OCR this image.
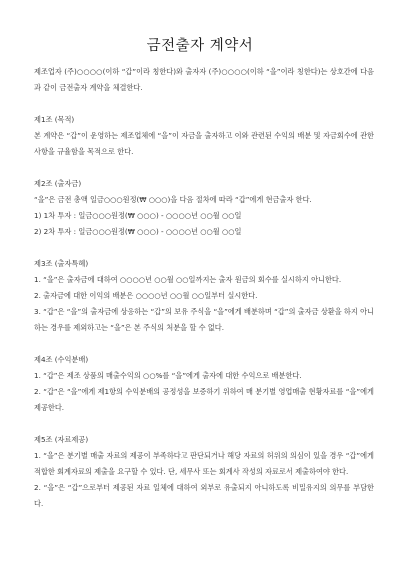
금전출자 계약서

제조업자 (주)○○○○(이하 “갑”이라 칭한다)와 출자자 (주)○○○○(이하 “을”이라 칭한다)는 상호간에 다음과 같이 금전출자 계약을 체결한다.

제1조 (목적)

본 계약은 “갑”이 운영하는 제조업체에 “을”이 자금을 출자하고 이와 관련된 수익의 배분 및 자금회수에 관한 사항을 규율함을 목적으로 한다.

제2조 (출자금)

“을”은 금전 총액 일금○○○원정(₩ ○○○)을 다음 절차에 따라 “갑”에게 현금출자 한다.

1) 1차 투자 : 일금○○○원정(₩ ○○○) - ○○○○년 ○○월 ○○일

2) 2차 투자 : 일금○○○원정(₩ ○○○) - ○○○○년 ○○월 ○○일

제3조 (출자특혜)

1. “을”은 출자금에 대하여 ○○○○년 ○○월 ○○일까지는 출자 원금의 회수를 실시하지 아니한다.

2. 출자금에 대한 이익의 배분은 ○○○○년 ○○월 ○○일부터 실시한다.

3. “갑”은 “을”의 출자금에 상응하는 “갑”의 보유 주식을 “을”에게 배분하며 “갑”의 출자금 상환을 하지 아니하는 경우를 제외하고는 “을”은 본 주식의 처분을 할 수 없다.

제4조 (수익분배)

1. “갑”은 제조 상품의 매출수익의 ○○%를 “을”에게 출자에 대한 수익으로 배분한다.

2. “갑”은 “을”에게 제1항의 수익분배의 공정성을 보증하기 위하여 매 분기별 영업매출 현황자료를 “을”에게 제공한다.

제5조 (자료제공)

1. “을”은 분기별 매출 자료의 제공이 부족하다고 판단되거나 해당 자료의 허위의 의심이 있을 경우 “갑”에게 적합한 회계자료의 제출을 요구할 수 있다. 단, 세무사 또는 회계사 작성의 자료로서 제출하여야 한다.

2. “을”은 “갑”으로부터 제공된 자료 일체에 대하여 외부로 유출되지 아니하도록 비밀유지의 의무를 부담한다.
